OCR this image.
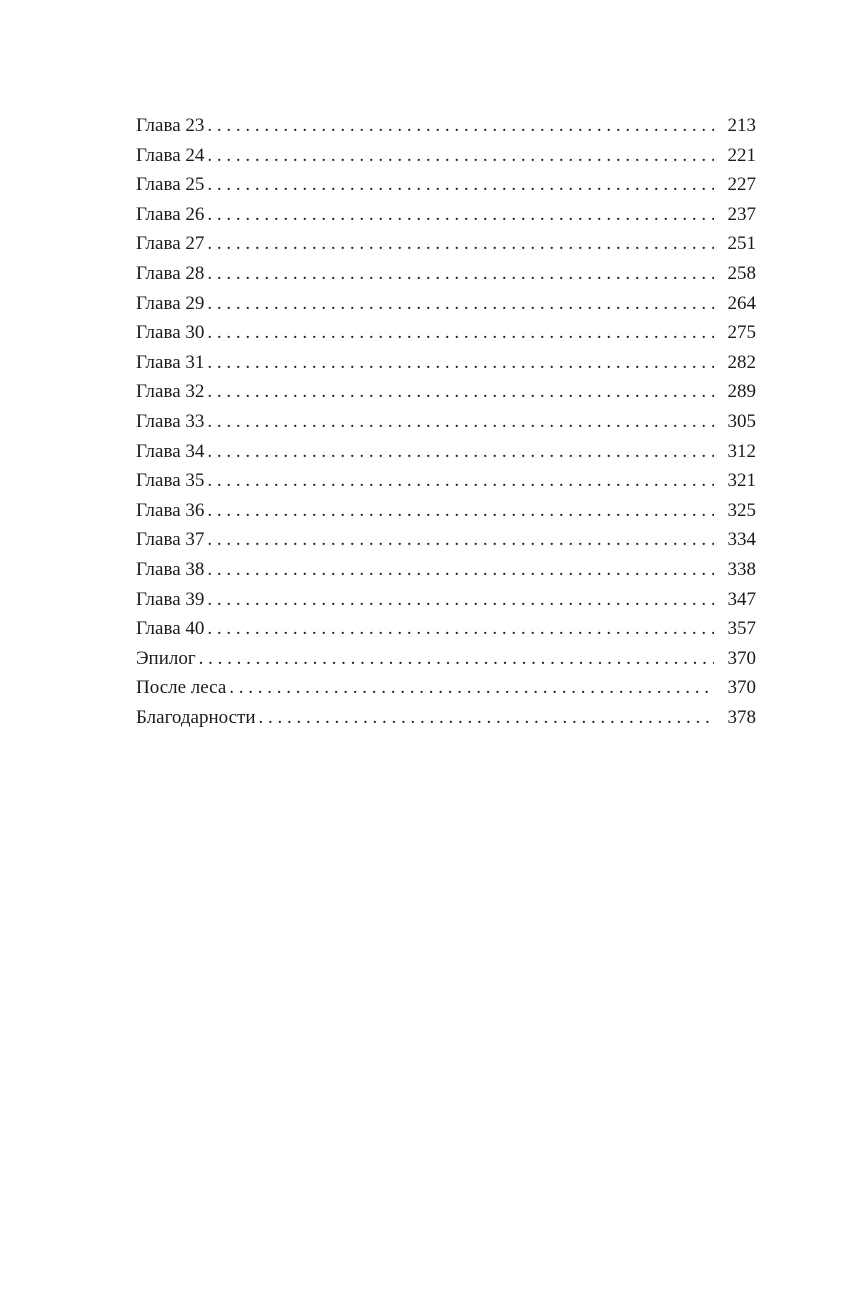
Глава 23 . . .	213
Глава 24 . . .	221
Глава 25 . . .	227
Глава 26 . . .	237
Глава 27 . . .	251
Глава 28 . . .	258
Глава 29 . . .	264
Глава 30 . . .	275
Глава 31 . . .	282
Глава 32 . . .	289
Глава 33 . . .	305
Глава 34 . . .	312
Глава 35 . . .	321
Глава 36 . . .	325
Глава 37 . . .	334
Глава 38 . . .	338
Глава 39 . . .	347
Глава 40 . . .	357
Эпилог . . .	370
После леса . . .	370
Благодарности . . .	378
